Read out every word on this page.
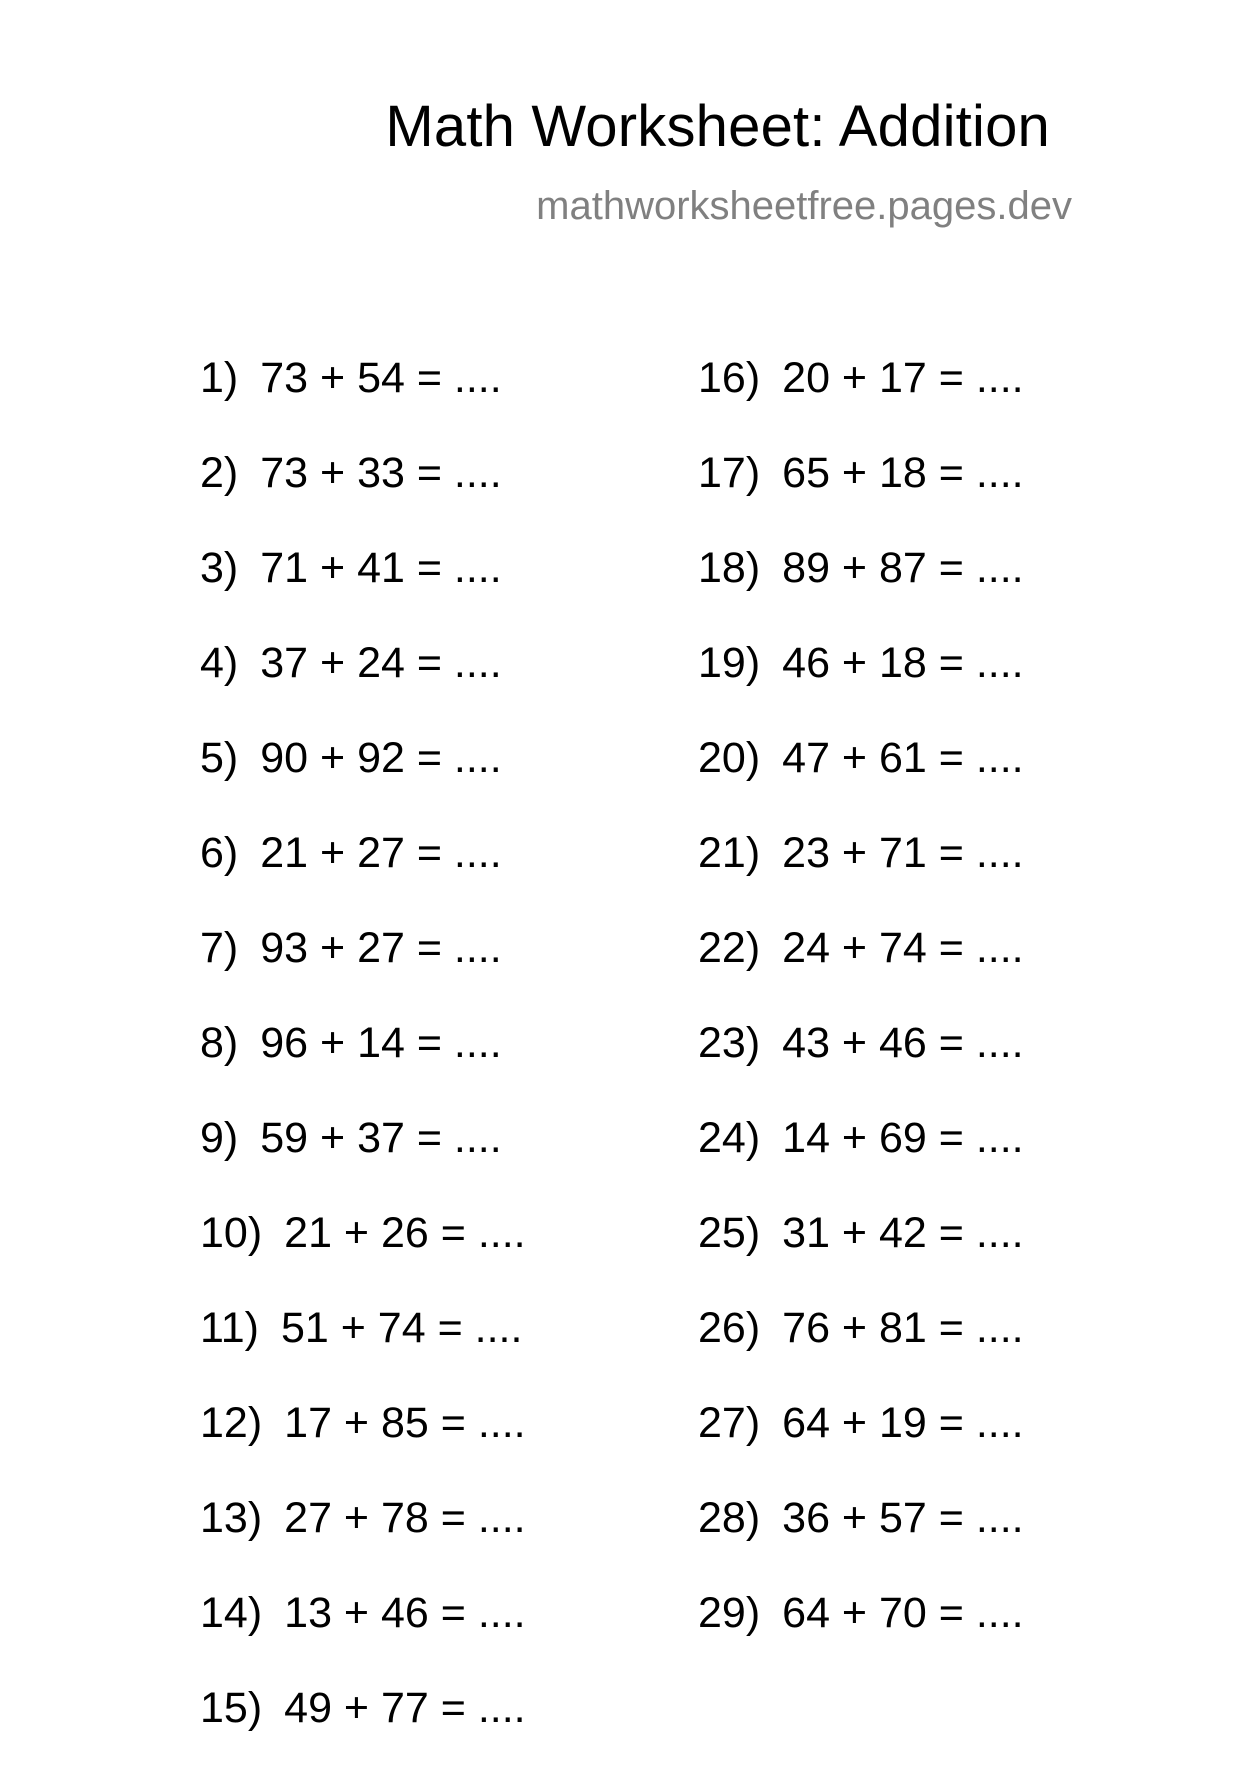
Math Worksheet: Addition
mathworksheetfree.pages.dev
1) 73 + 54 = ....
2) 73 + 33 = ....
3) 71 + 41 = ....
4) 37 + 24 = ....
5) 90 + 92 = ....
6) 21 + 27 = ....
7) 93 + 27 = ....
8) 96 + 14 = ....
9) 59 + 37 = ....
10) 21 + 26 = ....
11) 51 + 74 = ....
12) 17 + 85 = ....
13) 27 + 78 = ....
14) 13 + 46 = ....
15) 49 + 77 = ....
16) 20 + 17 = ....
17) 65 + 18 = ....
18) 89 + 87 = ....
19) 46 + 18 = ....
20) 47 + 61 = ....
21) 23 + 71 = ....
22) 24 + 74 = ....
23) 43 + 46 = ....
24) 14 + 69 = ....
25) 31 + 42 = ....
26) 76 + 81 = ....
27) 64 + 19 = ....
28) 36 + 57 = ....
29) 64 + 70 = ....
